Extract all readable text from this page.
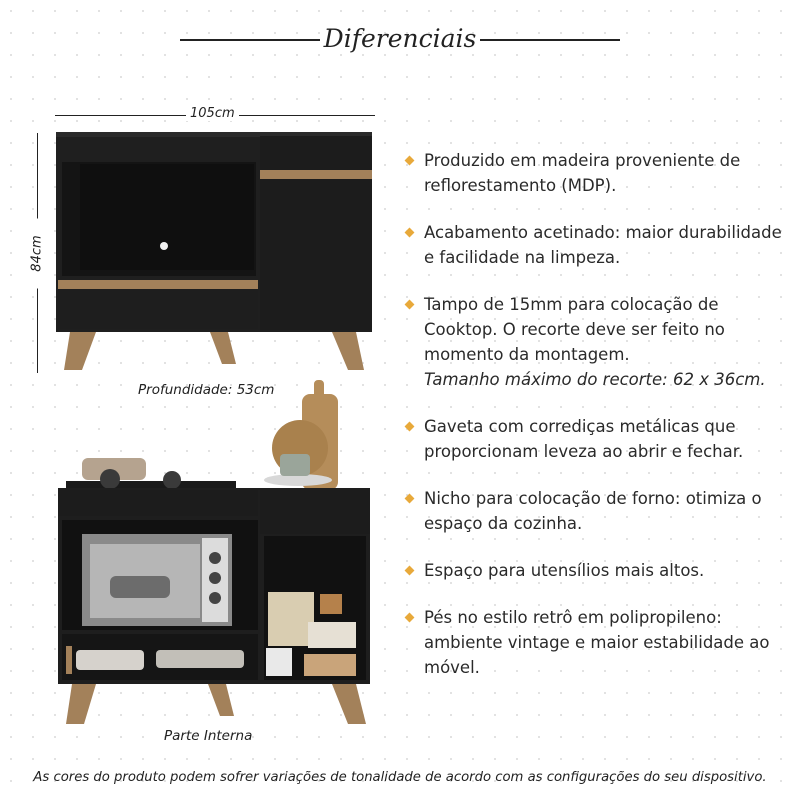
Diferenciais
105cm
84cm
Profundidade: 53cm
Parte Interna
Produzido em madeira proveniente de reflorestamento (MDP).
Acabamento acetinado: maior durabilidade e facilidade na limpeza.
Tampo de 15mm para colocação de Cooktop. O recorte deve ser feito no momento da montagem.
Tamanho máximo do recorte: 62 x 36cm.
Gaveta com corrediças metálicas que proporcionam leveza ao abrir e fechar.
Nicho para colocação de forno: otimiza o espaço da cozinha.
Espaço para utensílios mais altos.
Pés no estilo retrô em polipropileno: ambiente vintage e maior estabilidade ao móvel.
As cores do produto podem sofrer variações de tonalidade de acordo com as configurações do seu dispositivo.
